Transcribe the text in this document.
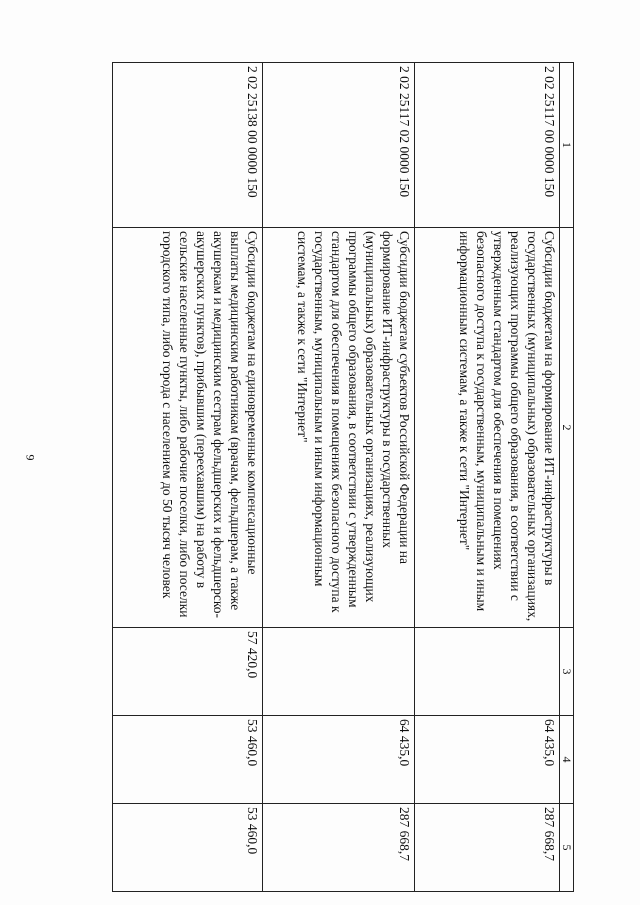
9
1	2	3	4	5
2 02 25117 00 0000 150	Субсидии бюджетам на формирование ИТ-инфраструктуры в государственных (муниципальных) образовательных организациях, реализующих программы общего образования, в соответствии с утвержденным стандартом для обеспечения в помещениях безопасного доступа к государственным, муниципальным и иным информационным системам, а также к сети "Интернет"		64 435,0	287 668,7
2 02 25117 02 0000 150	Субсидии бюджетам субъектов Российской Федерации на формирование ИТ-инфраструктуры в государственных (муниципальных) образовательных организациях, реализующих программы общего образования, в соответствии с утвержденным стандартом для обеспечения в помещениях безопасного доступа к государственным, муниципальным и иным информационным системам, а также к сети "Интернет"		64 435,0	287 668,7
2 02 25138 00 0000 150	Субсидии бюджетам на единовременные компенсационные выплаты медицинским работникам (врачам, фельдшерам, а также акушеркам и медицинским сестрам фельдшерских и фельдшерско-акушерских пунктов), прибывшим (переехавшим) на работу в сельские населенные пункты, либо рабочие поселки, либо поселки городского типа, либо города с населением до 50 тысяч человек	57 420,0	53 460,0	53 460,0
